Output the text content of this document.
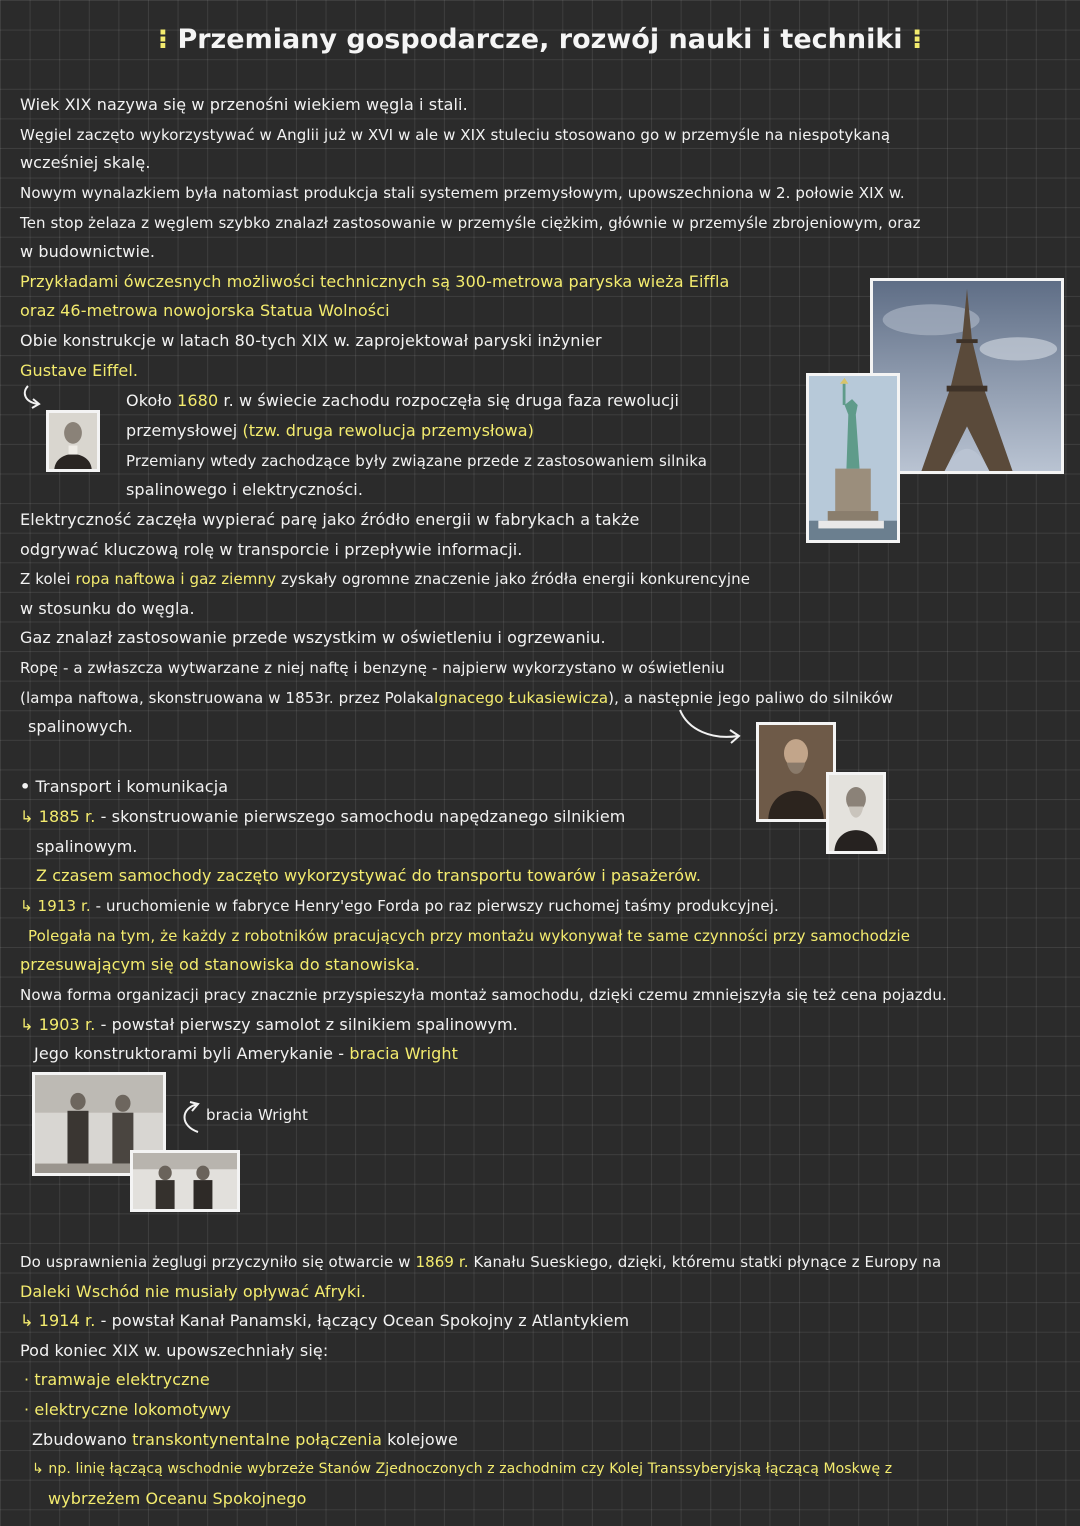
⁝ Przemiany gospodarcze, rozwój nauki i techniki ⁝
Wiek XIX nazywa się w przenośni wiekiem węgla i stali.
Węgiel zaczęto wykorzystywać w Anglii już w XVI w ale w XIX stuleciu stosowano go w przemyśle na niespotykaną
wcześniej skalę.
Nowym wynalazkiem była natomiast produkcja stali systemem przemysłowym, upowszechniona w 2. połowie XIX w.
Ten stop żelaza z węglem szybko znalazł zastosowanie w przemyśle ciężkim, głównie w przemyśle zbrojeniowym, oraz
w budownictwie.
Przykładami ówczesnych możliwości technicznych są 300-metrowa paryska wieża Eiffla
oraz 46-metrowa nowojorska Statua Wolności
Obie konstrukcje w latach 80-tych XIX w. zaprojektował paryski inżynier
Gustave Eiffel.
Około 1680 r. w świecie zachodu rozpoczęła się druga faza rewolucji
przemysłowej (tzw. druga rewolucja przemysłowa)
Przemiany wtedy zachodzące były związane przede z zastosowaniem silnika
spalinowego i elektryczności.
Elektryczność zaczęła wypierać parę jako źródło energii w fabrykach a także
odgrywać kluczową rolę w transporcie i przepływie informacji.
Z kolei ropa naftowa i gaz ziemny zyskały ogromne znaczenie jako źródła energii konkurencyjne
w stosunku do węgla.
Gaz znalazł zastosowanie przede wszystkim w oświetleniu i ogrzewaniu.
Ropę - a zwłaszcza wytwarzane z niej naftę i benzynę - najpierw wykorzystano w oświetleniu
(lampa naftowa, skonstruowana w 1853r. przez PolakaIgnacego Łukasiewicza), a następnie jego paliwo do silników
spalinowych.
• Transport i komunikacja
↳ 1885 r. - skonstruowanie pierwszego samochodu napędzanego silnikiem
spalinowym.
Z czasem samochody zaczęto wykorzystywać do transportu towarów i pasażerów.
↳ 1913 r. - uruchomienie w fabryce Henry'ego Forda po raz pierwszy ruchomej taśmy produkcyjnej.
Polegała na tym, że każdy z robotników pracujących przy montażu wykonywał te same czynności przy samochodzie
przesuwającym się od stanowiska do stanowiska.
Nowa forma organizacji pracy znacznie przyspieszyła montaż samochodu, dzięki czemu zmniejszyła się też cena pojazdu.
↳ 1903 r. - powstał pierwszy samolot z silnikiem spalinowym.
Jego konstruktorami byli Amerykanie - bracia Wright
bracia Wright
Do usprawnienia żeglugi przyczyniło się otwarcie w 1869 r. Kanału Sueskiego, dzięki, któremu statki płynące z Europy na
Daleki Wschód nie musiały opływać Afryki.
↳ 1914 r. - powstał Kanał Panamski, łączący Ocean Spokojny z Atlantykiem
Pod koniec XIX w. upowszechniały się:
· tramwaje elektryczne
· elektryczne lokomotywy
Zbudowano transkontynentalne połączenia kolejowe
↳ np. linię łączącą wschodnie wybrzeże Stanów Zjednoczonych z zachodnim czy Kolej Transsyberyjską łączącą Moskwę z
wybrzeżem Oceanu Spokojnego
